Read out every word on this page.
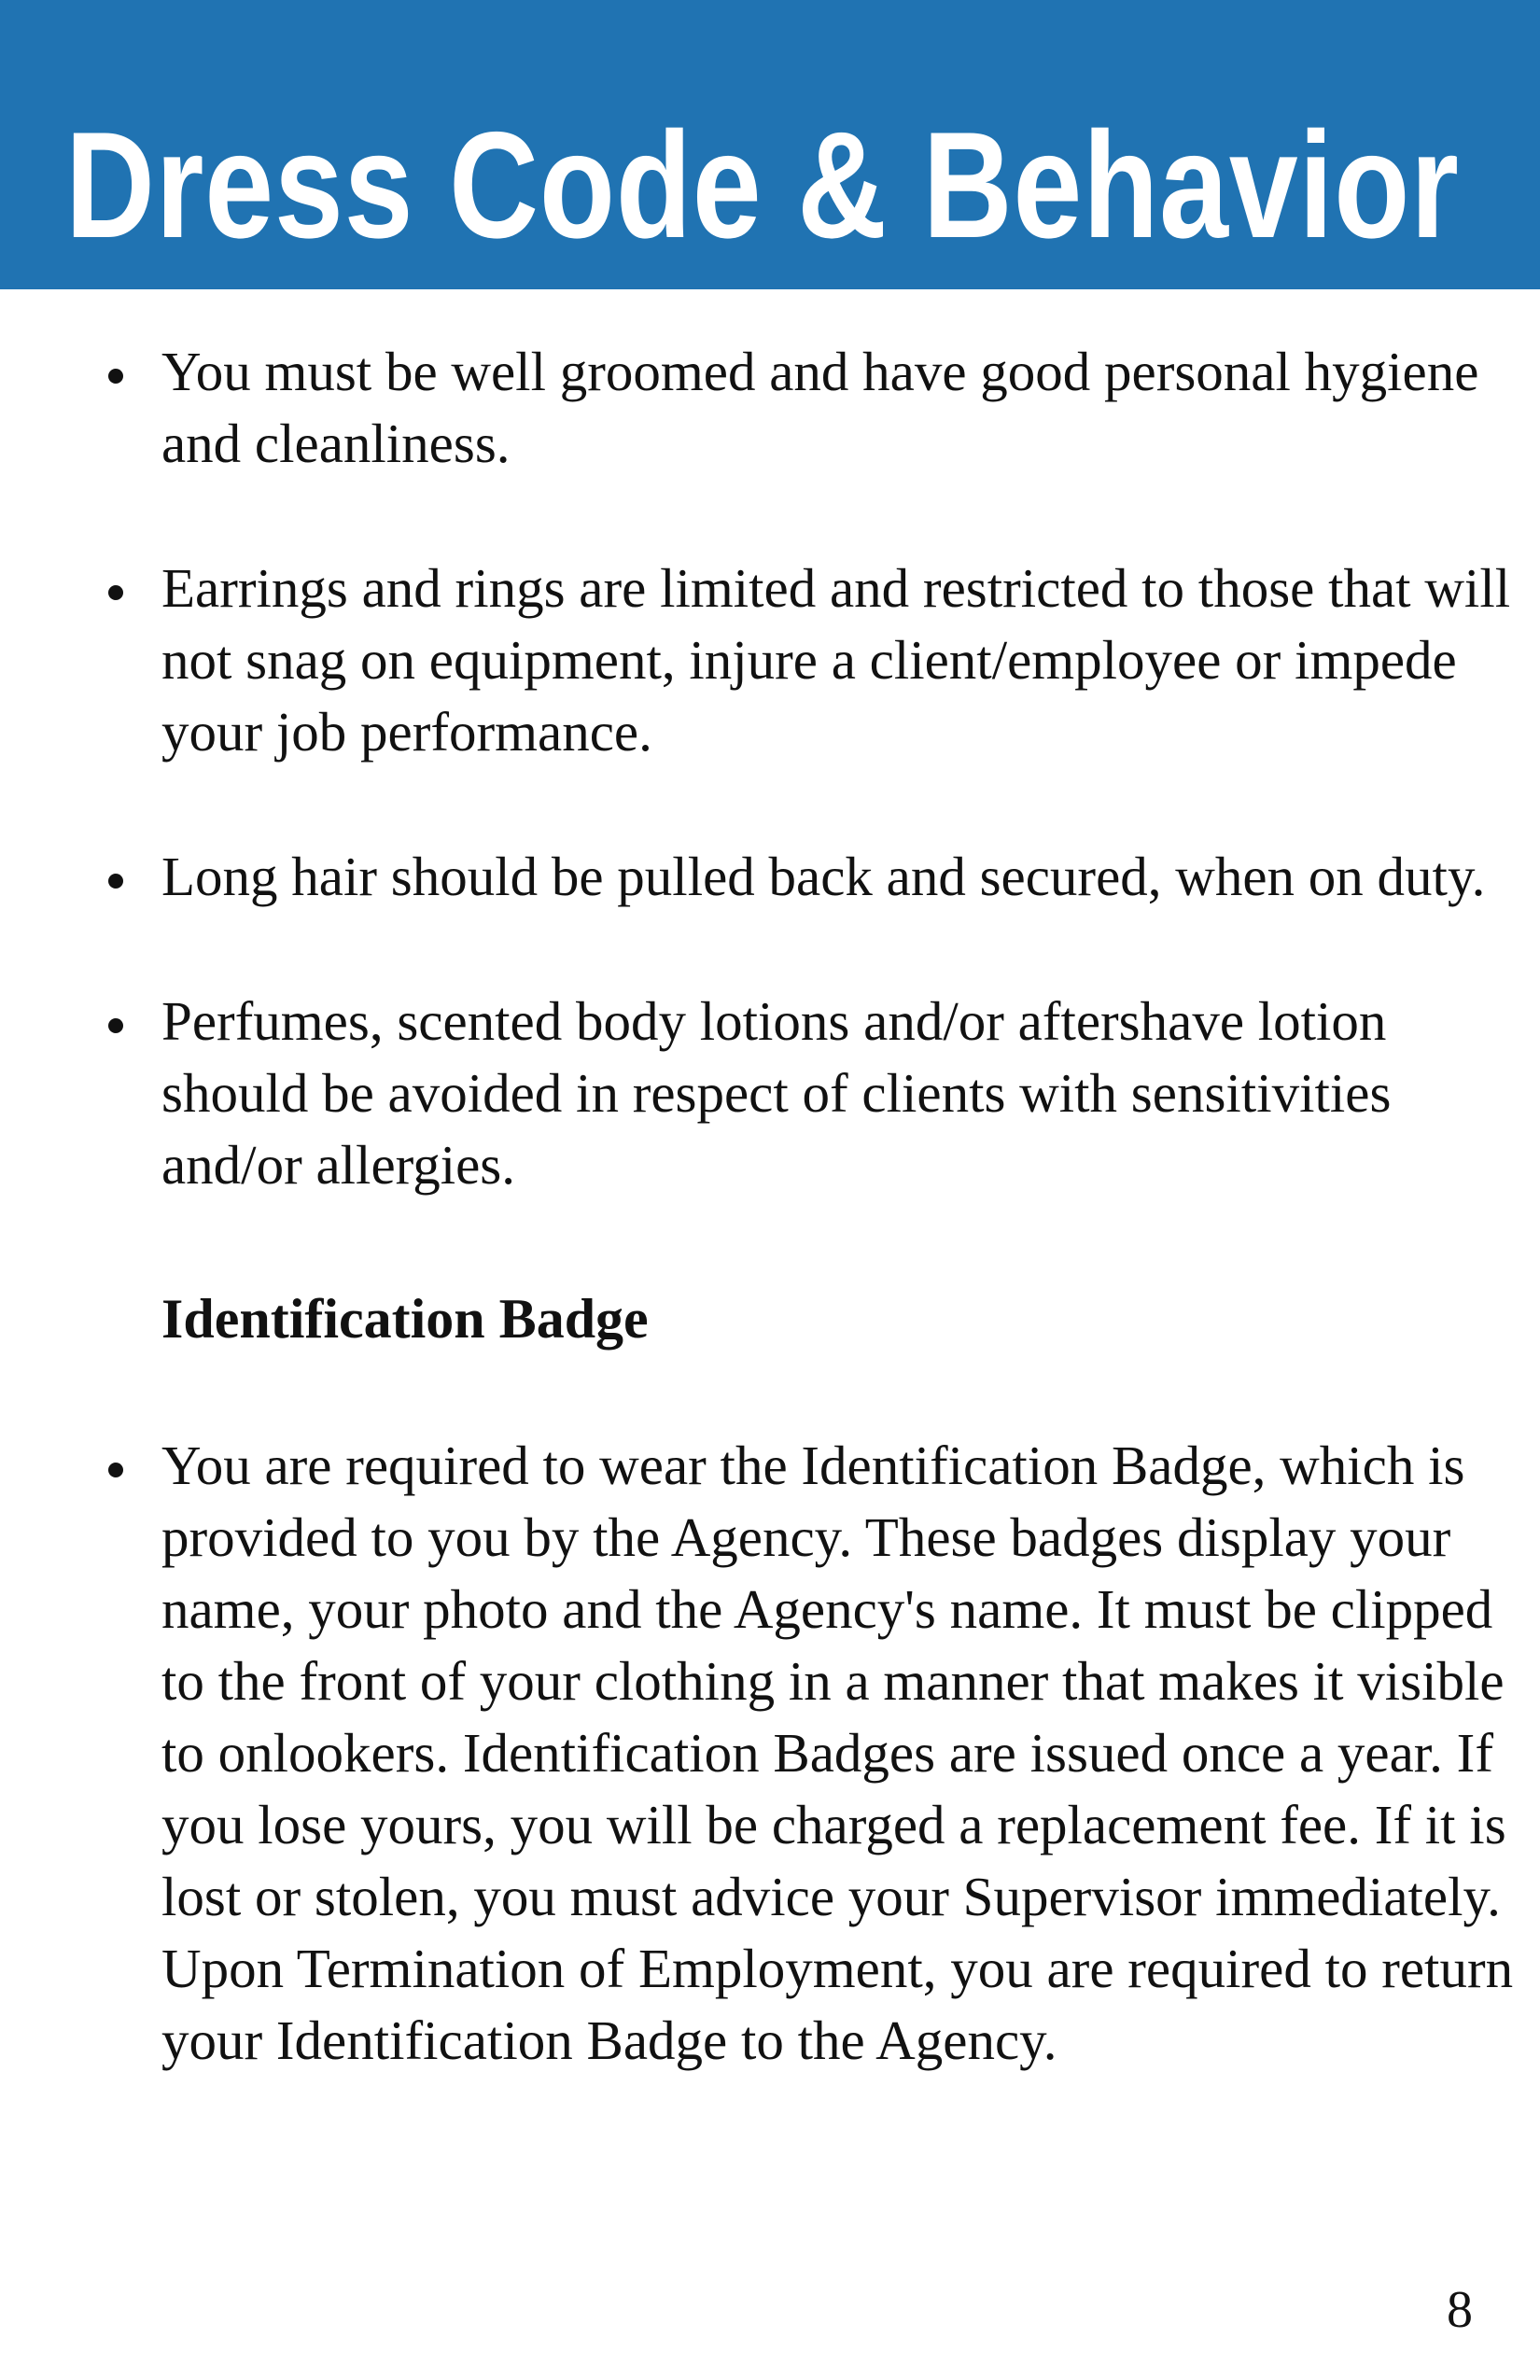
Dress Code & Behavior
You must be well groomed and have good personal hygiene and cleanliness.
Earrings and rings are limited and restricted to those that will not snag on equipment, injure a client/employee or impede your job performance.
Long hair should be pulled back and secured, when on duty.
Perfumes, scented body lotions and/or aftershave lotion should be avoided in respect of clients with sensitivities and/or allergies.
Identification Badge
You are required to wear the Identification Badge, which is provided to you by the Agency. These badges display your name, your photo and the Agency's name. It must be clipped to the front of your clothing in a manner that makes it visible to onlookers. Identification Badges are issued once a year. If you lose yours, you will be charged a replacement fee. If it is lost or stolen, you must advice your Supervisor immediately. Upon Termination of Employment, you are required to return your Identification Badge to the Agency.
8
